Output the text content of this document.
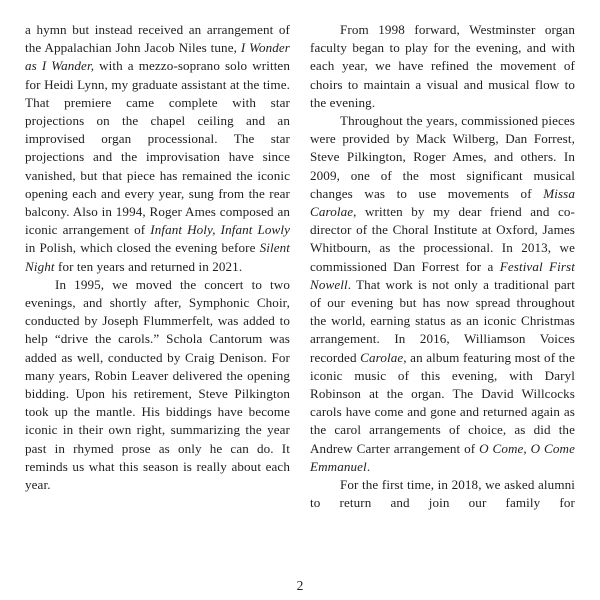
a hymn but instead received an arrangement of the Appalachian John Jacob Niles tune, I Wonder as I Wander, with a mezzo-soprano solo written for Heidi Lynn, my graduate assistant at the time. That premiere came complete with star projections on the chapel ceiling and an improvised organ processional. The star projections and the improvisation have since vanished, but that piece has remained the iconic opening each and every year, sung from the rear balcony. Also in 1994, Roger Ames composed an iconic arrangement of Infant Holy, Infant Lowly in Polish, which closed the evening before Silent Night for ten years and returned in 2021.

In 1995, we moved the concert to two evenings, and shortly after, Symphonic Choir, conducted by Joseph Flummerfelt, was added to help “drive the carols.” Schola Cantorum was added as well, conducted by Craig Denison. For many years, Robin Leaver delivered the opening bidding. Upon his retirement, Steve Pilkington took up the mantle. His biddings have become iconic in their own right, summarizing the year past in rhymed prose as only he can do. It reminds us what this season is really about each year.

From 1998 forward, Westminster organ faculty began to play for the evening, and with each year, we have refined the movement of choirs to maintain a visual and musical flow to the evening.

Throughout the years, commissioned pieces were provided by Mack Wilberg, Dan Forrest, Steve Pilkington, Roger Ames, and others. In 2009, one of the most significant musical changes was to use movements of Missa Carolae, written by my dear friend and co-director of the Choral Institute at Oxford, James Whitbourn, as the processional. In 2013, we commissioned Dan Forrest for a Festival First Nowell. That work is not only a traditional part of our evening but has now spread throughout the world, earning status as an iconic Christmas arrangement. In 2016, Williamson Voices recorded Carolae, an album featuring most of the iconic music of this evening, with Daryl Robinson at the organ. The David Willcocks carols have come and gone and returned again as the carol arrangements of choice, as did the Andrew Carter arrangement of O Come, O Come Emmanuel.

For the first time, in 2018, we asked alumni to return and join our family for

2
